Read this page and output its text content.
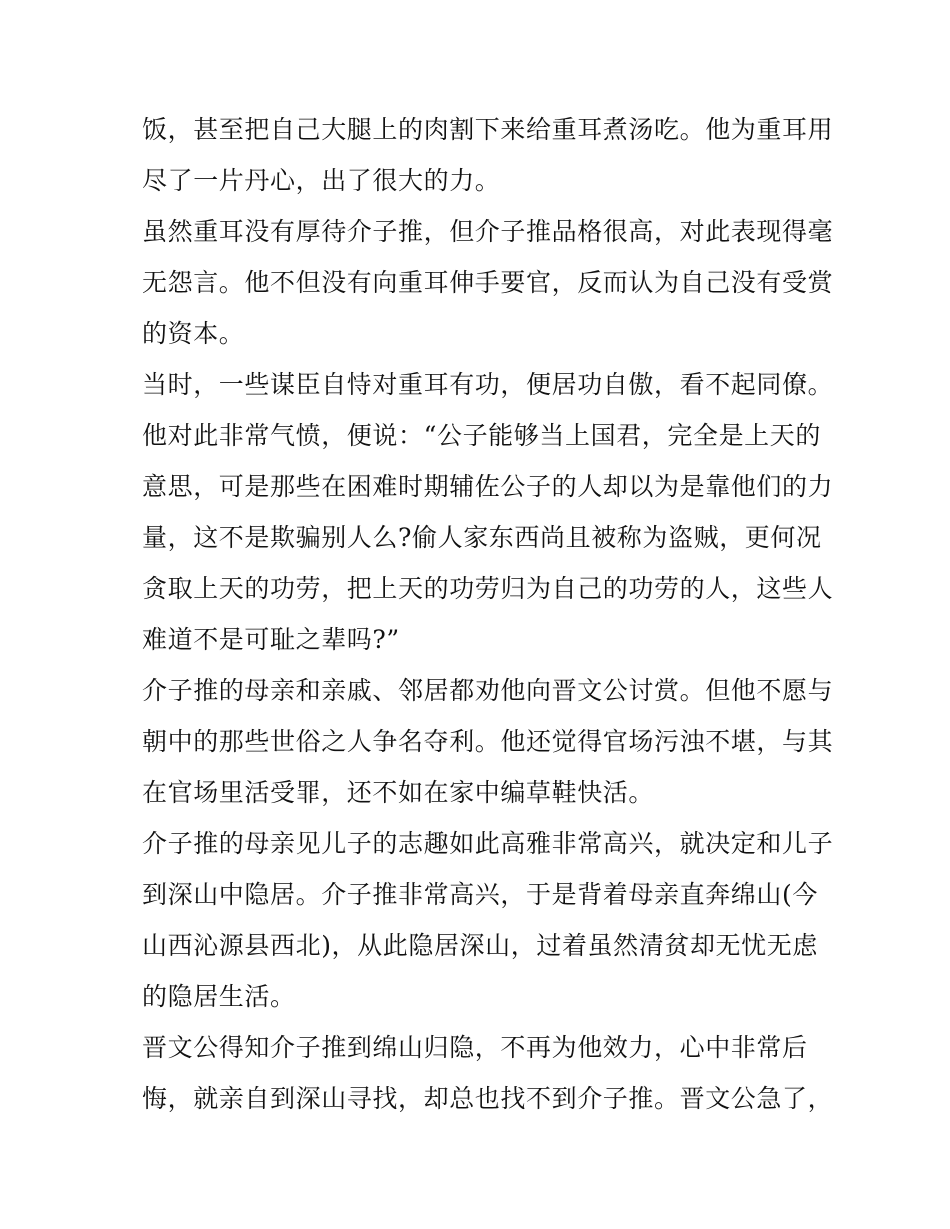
饭，甚至把自己大腿上的肉割下来给重耳煮汤吃。他为重耳用
尽了一片丹心，出了很大的力。
虽然重耳没有厚待介子推，但介子推品格很高，对此表现得毫
无怨言。他不但没有向重耳伸手要官，反而认为自己没有受赏
的资本。
当时，一些谋臣自恃对重耳有功，便居功自傲，看不起同僚。
他对此非常气愤，便说：“公子能够当上国君，完全是上天的
意思，可是那些在困难时期辅佐公子的人却以为是靠他们的力
量，这不是欺骗别人么?偷人家东西尚且被称为盗贼，更何况
贪取上天的功劳，把上天的功劳归为自己的功劳的人，这些人
难道不是可耻之辈吗?”
介子推的母亲和亲戚、邻居都劝他向晋文公讨赏。但他不愿与
朝中的那些世俗之人争名夺利。他还觉得官场污浊不堪，与其
在官场里活受罪，还不如在家中编草鞋快活。
介子推的母亲见儿子的志趣如此高雅非常高兴，就决定和儿子
到深山中隐居。介子推非常高兴，于是背着母亲直奔绵山(今
山西沁源县西北)，从此隐居深山，过着虽然清贫却无忧无虑
的隐居生活。
晋文公得知介子推到绵山归隐，不再为他效力，心中非常后
悔，就亲自到深山寻找，却总也找不到介子推。晋文公急了，
